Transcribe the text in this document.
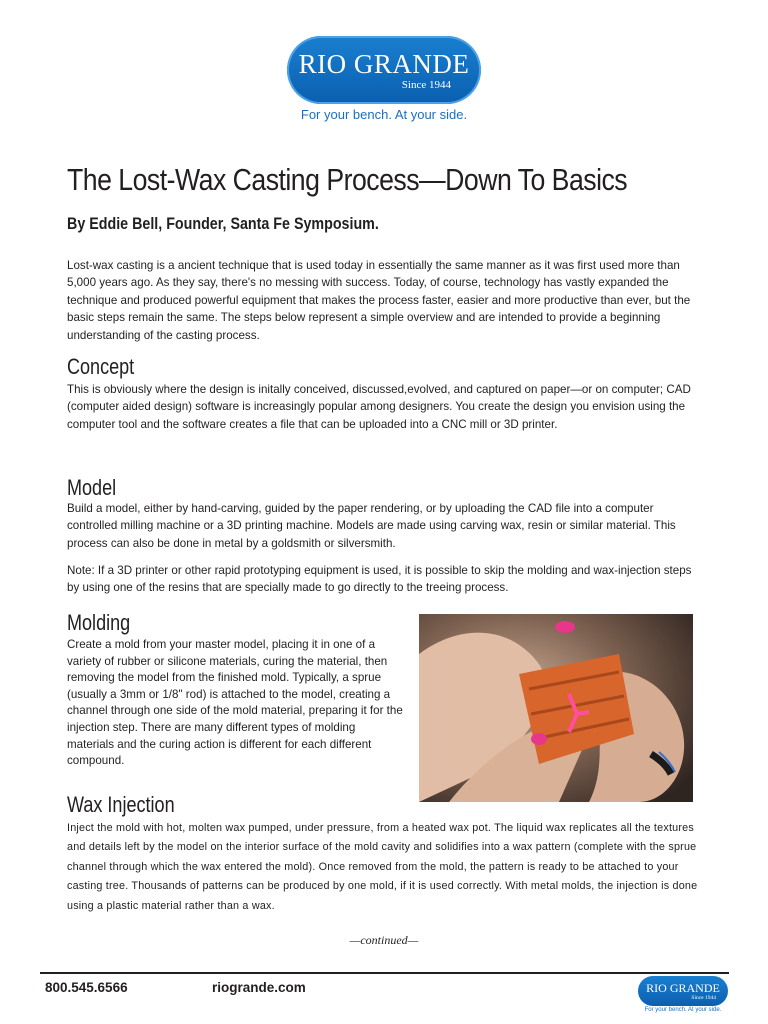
RIO GRANDE
Since 1944
For your bench. At your side.
The Lost-Wax Casting Process—Down To Basics
By Eddie Bell, Founder, Santa Fe Symposium.

Lost-wax casting is a ancient technique that is used today in essentially the same manner as it was first used more than 5,000 years ago. As they say, there's no messing with success. Today, of course, technology has vastly expanded the technique and produced powerful equipment that makes the process faster, easier and more productive than ever, but the basic steps remain the same. The steps below represent a simple overview and are intended to provide a beginning understanding of the casting process.

Concept

This is obviously where the design is initally conceived, discussed,evolved, and captured on paper—or on computer; CAD (computer aided design) software is increasingly popular among designers. You create the design you envision using the computer tool and the software creates a file that can be uploaded into a CNC mill or 3D printer.

Model

Build a model, either by hand-carving, guided by the paper rendering, or by uploading the CAD file into a computer controlled milling machine or a 3D printing machine. Models are made using carving wax, resin or similar material. This process can also be done in metal by a goldsmith or silversmith.

Note: If a 3D printer or other rapid prototyping equipment is used, it is possible to skip the molding and wax-injection steps by using one of the resins that are specially made to go directly to the treeing process.

Molding

Create a mold from your master model, placing it in one of a variety of rubber or silicone materials, curing the material, then removing the model from the finished mold. Typically, a sprue (usually a 3mm or 1/8" rod) is attached to the model, creating a channel through one side of the mold material, preparing it for the injection step. There are many different types of molding materials and the curing action is different for each different compound.

Wax Injection

Inject the mold with hot, molten wax pumped, under pressure, from a heated wax pot. The liquid wax replicates all the textures and details left by the model on the interior surface of the mold cavity and solidifies into a wax pattern (complete with the sprue channel through which the wax entered the mold). Once removed from the mold, the pattern is ready to be attached to your casting tree. Thousands of patterns can be produced by one mold, if it is used correctly. With metal molds, the injection is done using a plastic material rather than a wax.

—continued—
800.545.6566	riogrande.com	RIO GRANDE
Since 1944
For your bench. At your side.
